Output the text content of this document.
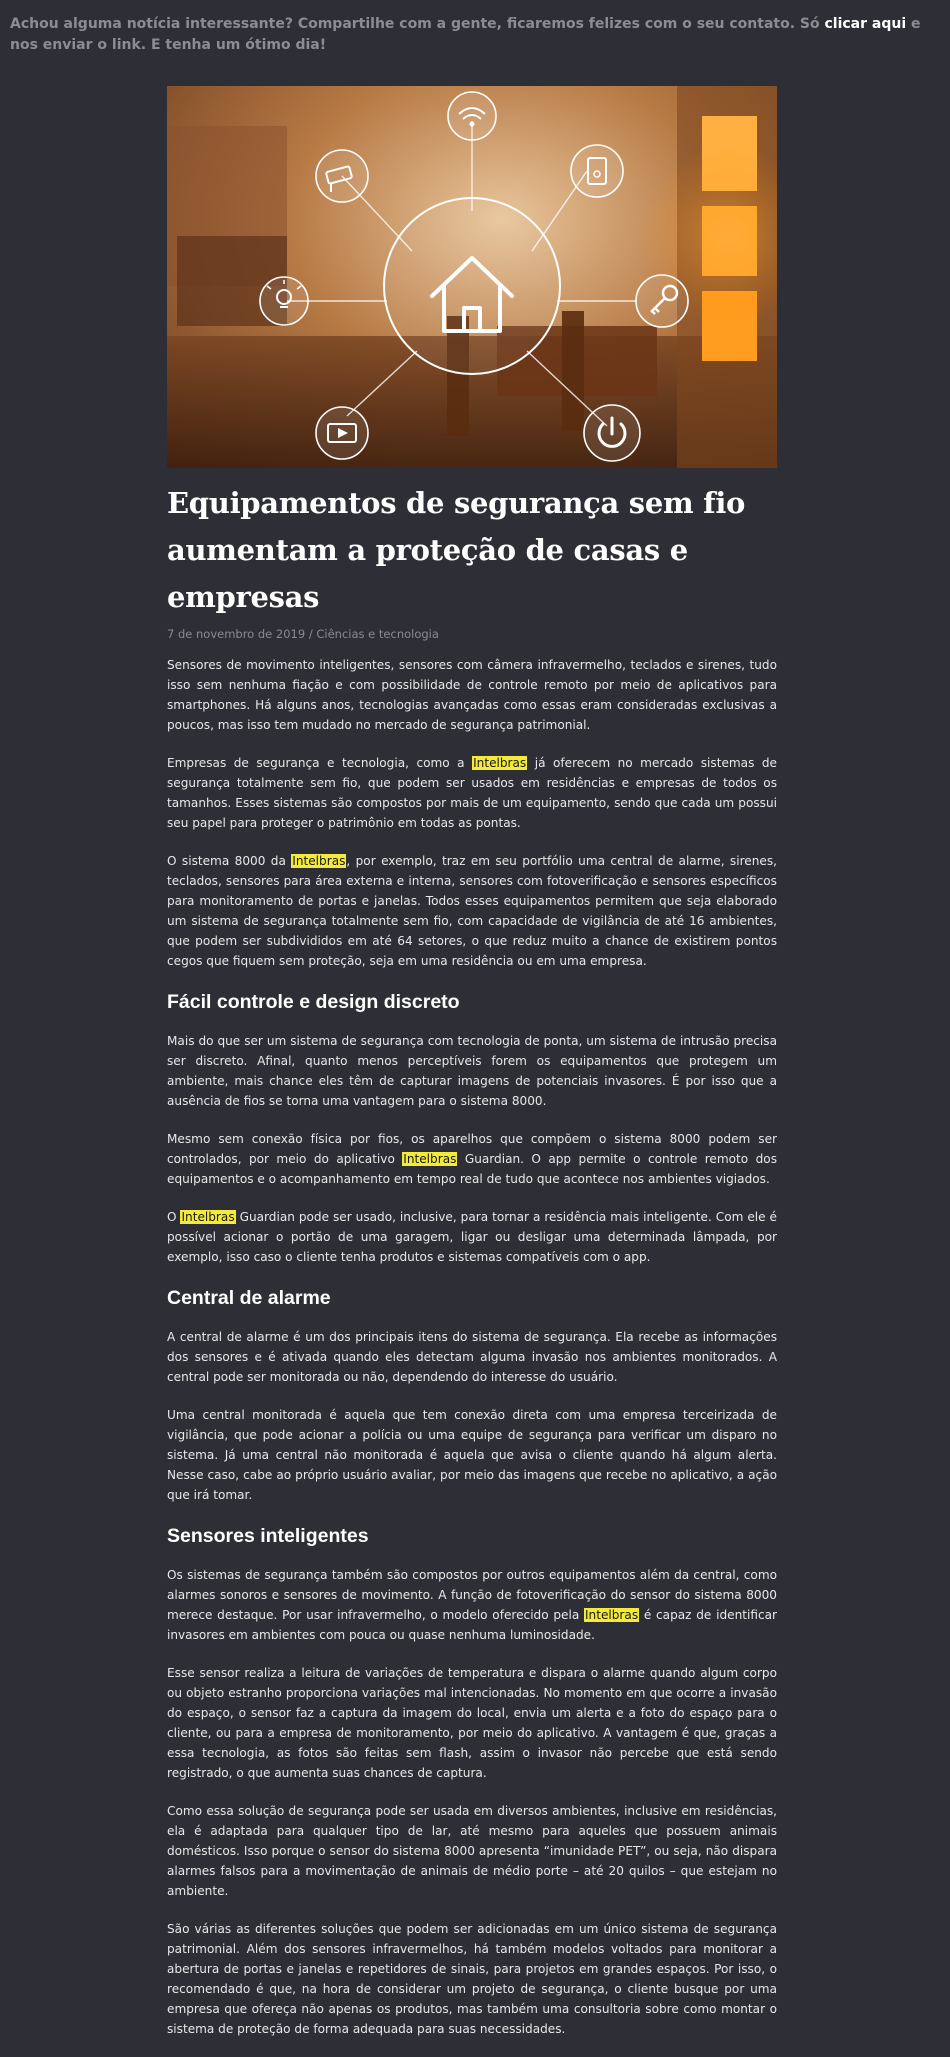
Achou alguma notícia interessante? Compartilhe com a gente, ficaremos felizes com o seu contato. Só clicar aqui e nos enviar o link. E tenha um ótimo dia!
Equipamentos de segurança sem fio aumentam a proteção de casas e empresas
7 de novembro de 2019 / Ciências e tecnologia

Sensores de movimento inteligentes, sensores com câmera infravermelho, teclados e sirenes, tudo isso sem nenhuma fiação e com possibilidade de controle remoto por meio de aplicativos para smartphones. Há alguns anos, tecnologias avançadas como essas eram consideradas exclusivas a poucos, mas isso tem mudado no mercado de segurança patrimonial.

Empresas de segurança e tecnologia, como a Intelbras já oferecem no mercado sistemas de segurança totalmente sem fio, que podem ser usados em residências e empresas de todos os tamanhos. Esses sistemas são compostos por mais de um equipamento, sendo que cada um possui seu papel para proteger o patrimônio em todas as pontas.

O sistema 8000 da Intelbras, por exemplo, traz em seu portfólio uma central de alarme, sirenes, teclados, sensores para área externa e interna, sensores com fotoverificação e sensores específicos para monitoramento de portas e janelas. Todos esses equipamentos permitem que seja elaborado um sistema de segurança totalmente sem fio, com capacidade de vigilância de até 16 ambientes, que podem ser subdivididos em até 64 setores, o que reduz muito a chance de existirem pontos cegos que fiquem sem proteção, seja em uma residência ou em uma empresa.

Fácil controle e design discreto

Mais do que ser um sistema de segurança com tecnologia de ponta, um sistema de intrusão precisa ser discreto. Afinal, quanto menos perceptíveis forem os equipamentos que protegem um ambiente, mais chance eles têm de capturar imagens de potenciais invasores. É por isso que a ausência de fios se torna uma vantagem para o sistema 8000.

Mesmo sem conexão física por fios, os aparelhos que compõem o sistema 8000 podem ser controlados, por meio do aplicativo Intelbras Guardian. O app permite o controle remoto dos equipamentos e o acompanhamento em tempo real de tudo que acontece nos ambientes vigiados.

O Intelbras Guardian pode ser usado, inclusive, para tornar a residência mais inteligente. Com ele é possível acionar o portão de uma garagem, ligar ou desligar uma determinada lâmpada, por exemplo, isso caso o cliente tenha produtos e sistemas compatíveis com o app.

Central de alarme

A central de alarme é um dos principais itens do sistema de segurança. Ela recebe as informações dos sensores e é ativada quando eles detectam alguma invasão nos ambientes monitorados. A central pode ser monitorada ou não, dependendo do interesse do usuário.

Uma central monitorada é aquela que tem conexão direta com uma empresa terceirizada de vigilância, que pode acionar a polícia ou uma equipe de segurança para verificar um disparo no sistema. Já uma central não monitorada é aquela que avisa o cliente quando há algum alerta. Nesse caso, cabe ao próprio usuário avaliar, por meio das imagens que recebe no aplicativo, a ação que irá tomar.

Sensores inteligentes

Os sistemas de segurança também são compostos por outros equipamentos além da central, como alarmes sonoros e sensores de movimento. A função de fotoverificação do sensor do sistema 8000 merece destaque. Por usar infravermelho, o modelo oferecido pela Intelbras é capaz de identificar invasores em ambientes com pouca ou quase nenhuma luminosidade.

Esse sensor realiza a leitura de variações de temperatura e dispara o alarme quando algum corpo ou objeto estranho proporciona variações mal intencionadas. No momento em que ocorre a invasão do espaço, o sensor faz a captura da imagem do local, envia um alerta e a foto do espaço para o cliente, ou para a empresa de monitoramento, por meio do aplicativo. A vantagem é que, graças a essa tecnologia, as fotos são feitas sem flash, assim o invasor não percebe que está sendo registrado, o que aumenta suas chances de captura.

Como essa solução de segurança pode ser usada em diversos ambientes, inclusive em residências, ela é adaptada para qualquer tipo de lar, até mesmo para aqueles que possuem animais domésticos. Isso porque o sensor do sistema 8000 apresenta “imunidade PET”, ou seja, não dispara alarmes falsos para a movimentação de animais de médio porte – até 20 quilos – que estejam no ambiente.

São várias as diferentes soluções que podem ser adicionadas em um único sistema de segurança patrimonial. Além dos sensores infravermelhos, há também modelos voltados para monitorar a abertura de portas e janelas e repetidores de sinais, para projetos em grandes espaços. Por isso, o recomendado é que, na hora de considerar um projeto de segurança, o cliente busque por uma empresa que ofereça não apenas os produtos, mas também uma consultoria sobre como montar o sistema de proteção de forma adequada para suas necessidades.
